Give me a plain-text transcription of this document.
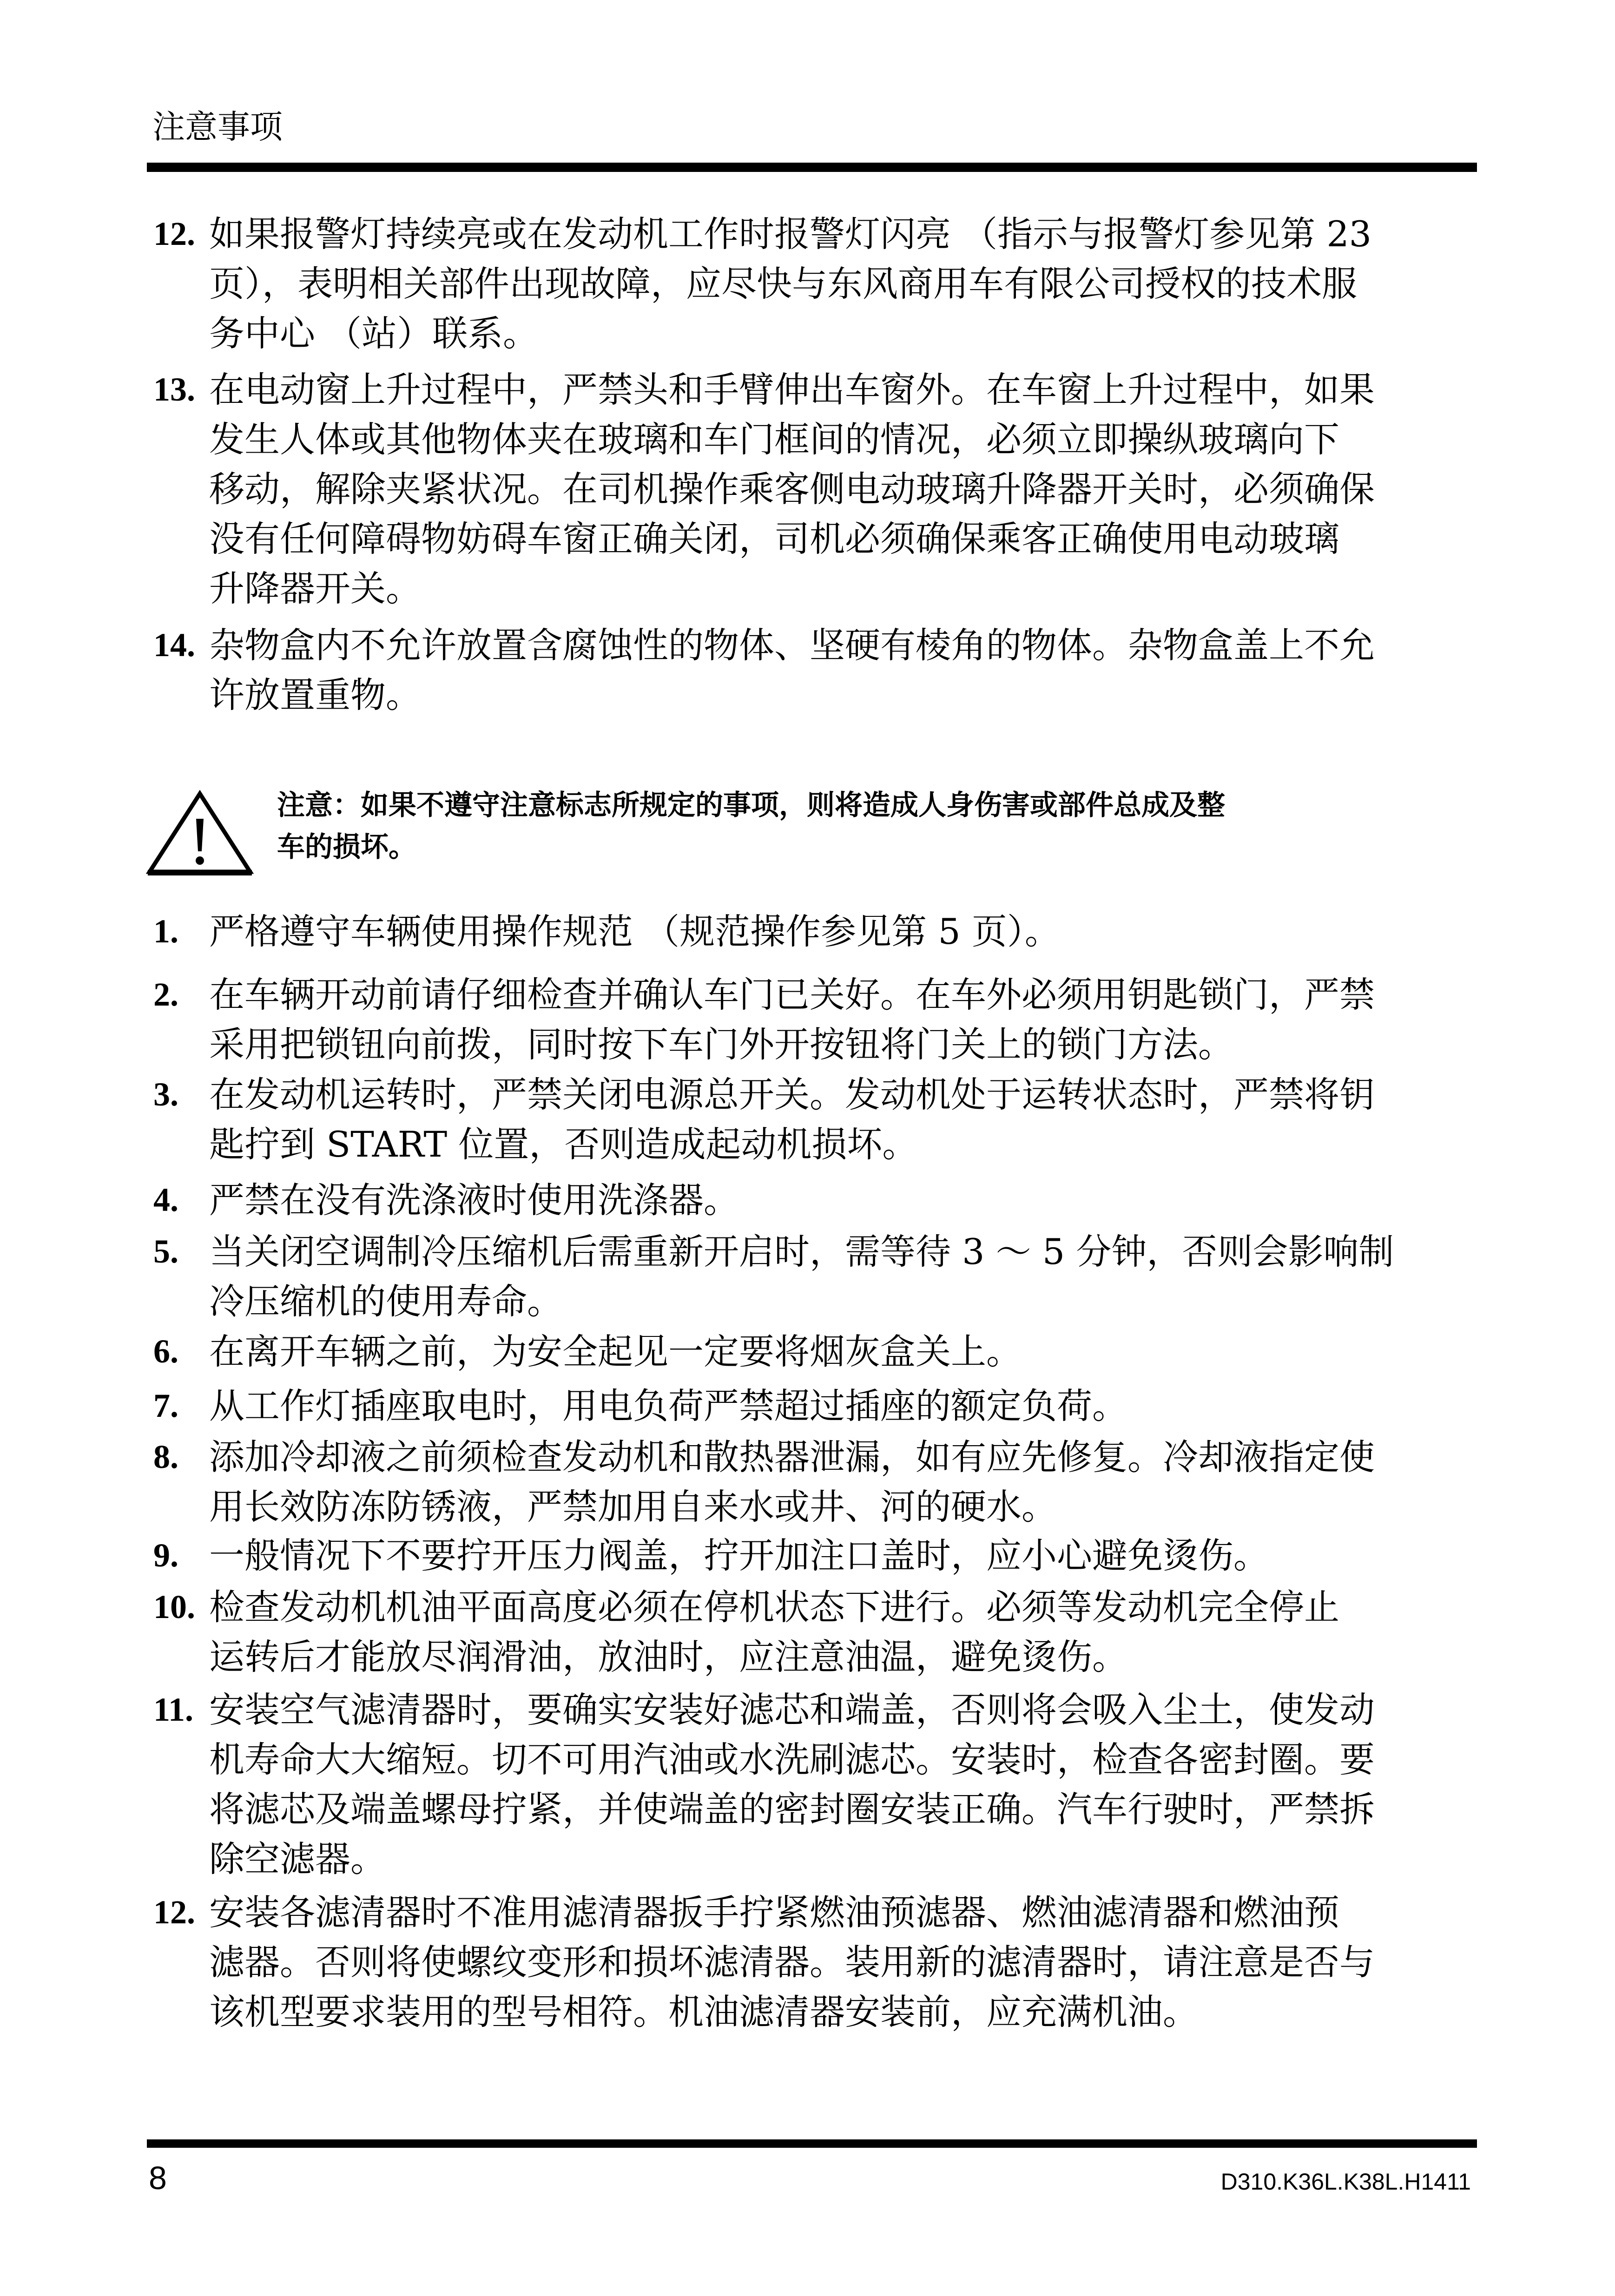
注意事项
12. 如果报警灯持续亮或在发动机工作时报警灯闪亮 （指示与报警灯参见第 23
页），表明相关部件出现故障，应尽快与东风商用车有限公司授权的技术服
务中心 （站）联系。
13. 在电动窗上升过程中，严禁头和手臂伸出车窗外。在车窗上升过程中，如果
发生人体或其他物体夹在玻璃和车门框间的情况，必须立即操纵玻璃向下
移动，解除夹紧状况。在司机操作乘客侧电动玻璃升降器开关时，必须确保
没有任何障碍物妨碍车窗正确关闭，司机必须确保乘客正确使用电动玻璃
升降器开关。
14. 杂物盒内不允许放置含腐蚀性的物体、坚硬有棱角的物体。杂物盒盖上不允
许放置重物。
注意：如果不遵守注意标志所规定的事项，则将造成人身伤害或部件总成及整
车的损坏。
1. 严格遵守车辆使用操作规范 （规范操作参见第 5 页）。
2. 在车辆开动前请仔细检查并确认车门已关好。在车外必须用钥匙锁门，严禁
采用把锁钮向前拨，同时按下车门外开按钮将门关上的锁门方法。
3. 在发动机运转时，严禁关闭电源总开关。发动机处于运转状态时，严禁将钥
匙拧到 START 位置，否则造成起动机损坏。
4. 严禁在没有洗涤液时使用洗涤器。
5. 当关闭空调制冷压缩机后需重新开启时，需等待 3 ～ 5 分钟，否则会影响制
冷压缩机的使用寿命。
6. 在离开车辆之前，为安全起见一定要将烟灰盒关上。
7. 从工作灯插座取电时，用电负荷严禁超过插座的额定负荷。
8. 添加冷却液之前须检查发动机和散热器泄漏，如有应先修复。冷却液指定使
用长效防冻防锈液，严禁加用自来水或井、河的硬水。
9. 一般情况下不要拧开压力阀盖，拧开加注口盖时，应小心避免烫伤。
10. 检查发动机机油平面高度必须在停机状态下进行。必须等发动机完全停止
运转后才能放尽润滑油，放油时，应注意油温，避免烫伤。
11. 安装空气滤清器时，要确实安装好滤芯和端盖，否则将会吸入尘土，使发动
机寿命大大缩短。切不可用汽油或水洗刷滤芯。安装时，检查各密封圈。要
将滤芯及端盖螺母拧紧，并使端盖的密封圈安装正确。汽车行驶时，严禁拆
除空滤器。
12. 安装各滤清器时不准用滤清器扳手拧紧燃油预滤器、燃油滤清器和燃油预
滤器。否则将使螺纹变形和损坏滤清器。装用新的滤清器时，请注意是否与
该机型要求装用的型号相符。机油滤清器安装前，应充满机油。
8	D310.K36L.K38L.H1411
